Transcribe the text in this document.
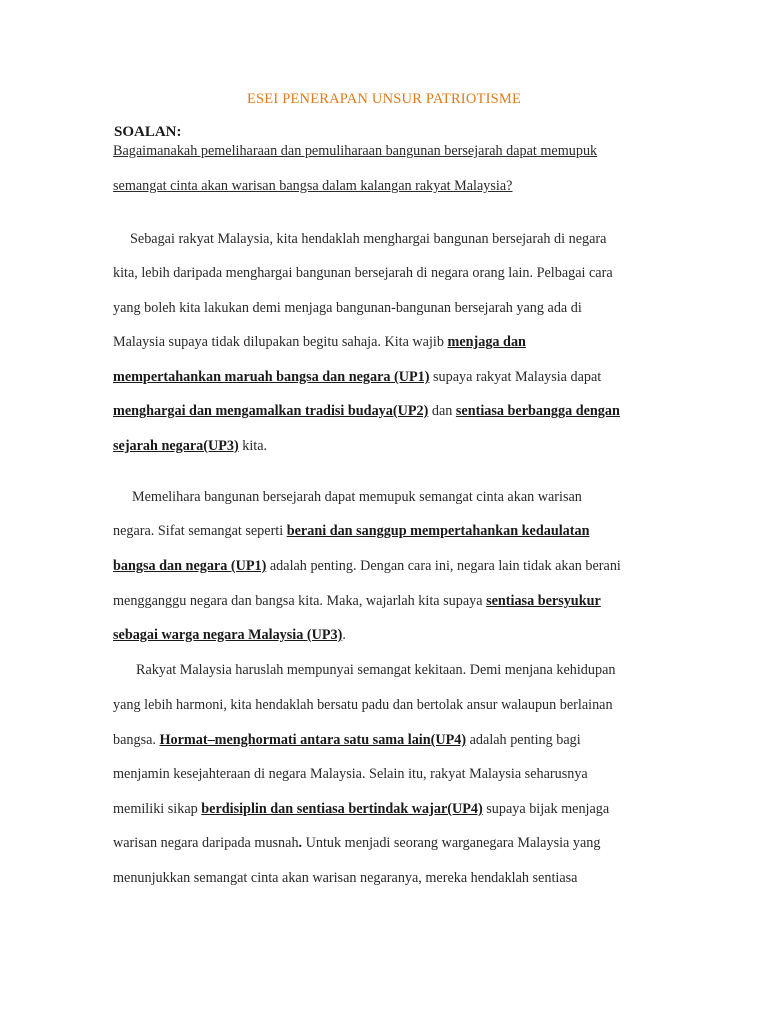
ESEI PENERAPAN UNSUR PATRIOTISME
SOALAN:
Bagaimanakah pemeliharaan dan pemuliharaan bangunan bersejarah dapat memupuk
semangat cinta akan warisan bangsa dalam kalangan rakyat Malaysia?
Sebagai rakyat Malaysia, kita hendaklah menghargai bangunan bersejarah di negara
kita, lebih daripada menghargai bangunan bersejarah di negara orang lain. Pelbagai cara
yang boleh kita lakukan demi menjaga bangunan-bangunan bersejarah yang ada di
Malaysia supaya tidak dilupakan begitu sahaja. Kita wajib menjaga dan
mempertahankan maruah bangsa dan negara (UP1) supaya rakyat Malaysia dapat
menghargai dan mengamalkan tradisi budaya(UP2) dan sentiasa berbangga dengan
sejarah negara(UP3) kita.
Memelihara bangunan bersejarah dapat memupuk semangat cinta akan warisan
negara. Sifat semangat seperti berani dan sanggup mempertahankan kedaulatan
bangsa dan negara (UP1) adalah penting. Dengan cara ini, negara lain tidak akan berani
mengganggu negara dan bangsa kita. Maka, wajarlah kita supaya sentiasa bersyukur
sebagai warga negara Malaysia (UP3).
Rakyat Malaysia haruslah mempunyai semangat kekitaan. Demi menjana kehidupan
yang lebih harmoni, kita hendaklah bersatu padu dan bertolak ansur walaupun berlainan
bangsa. Hormat–menghormati antara satu sama lain(UP4) adalah penting bagi
menjamin kesejahteraan di negara Malaysia. Selain itu, rakyat Malaysia seharusnya
memiliki sikap berdisiplin dan sentiasa bertindak wajar(UP4) supaya bijak menjaga
warisan negara daripada musnah. Untuk menjadi seorang warganegara Malaysia yang
menunjukkan semangat cinta akan warisan negaranya, mereka hendaklah sentiasa
